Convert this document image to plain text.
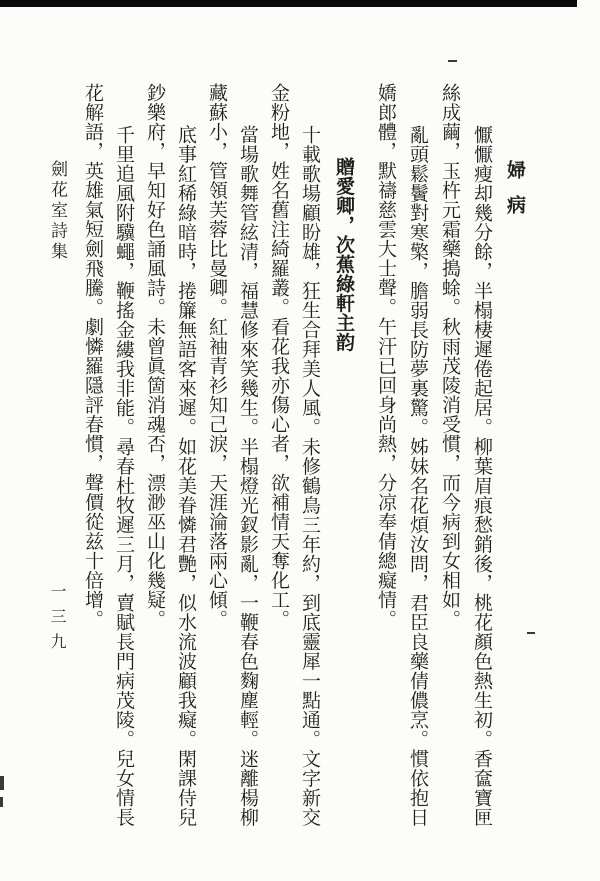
婦病
懨懨瘦却幾分餘，半榻棲遲倦起居。柳葉眉痕愁銷後，桃花顏色熱生初。香奩寶匣
絲成繭，玉杵元霜藥搗蜍。秋雨茂陵消受慣，而今病到女相如。
亂頭鬆鬢對寒檠，膽弱長防夢裏驚。姊妹名花煩汝問，君臣良藥倩儂烹。慣依抱日
嬌郎體，默禱慈雲大士聲。午汗已回身尚熱，分凉奉倩總癡情。
贈愛卿，次蕉綠軒主韵
十載歌場顧盼雄，狂生合拜美人風。未修鶴鳥三年約，到底靈犀一點通。文字新交
金粉地，姓名舊注綺羅叢。看花我亦傷心者，欲補情天奪化工。
當場歌舞管絃清，福慧修來笑幾生。半榻燈光釵影亂，一鞭春色麴塵輕。迷離楊柳
藏蘇小，管領芙蓉比曼卿。紅袖青衫知己淚，天涯淪落兩心傾。
底事紅稀綠暗時，捲簾無語客來遲。如花美眷憐君艷，似水流波顧我癡。閑課侍兒
鈔樂府，早知好色誦風詩。未曾眞箇消魂否，漂渺巫山化幾疑。
千里追風附驥蠅，鞭搖金縷我非能。尋春杜牧遲三月，賣賦長門病茂陵。兒女情長
花解語，英雄氣短劍飛騰。劇憐羅隱評春慣，聲價從兹十倍增。
劍花室詩集
一三九
